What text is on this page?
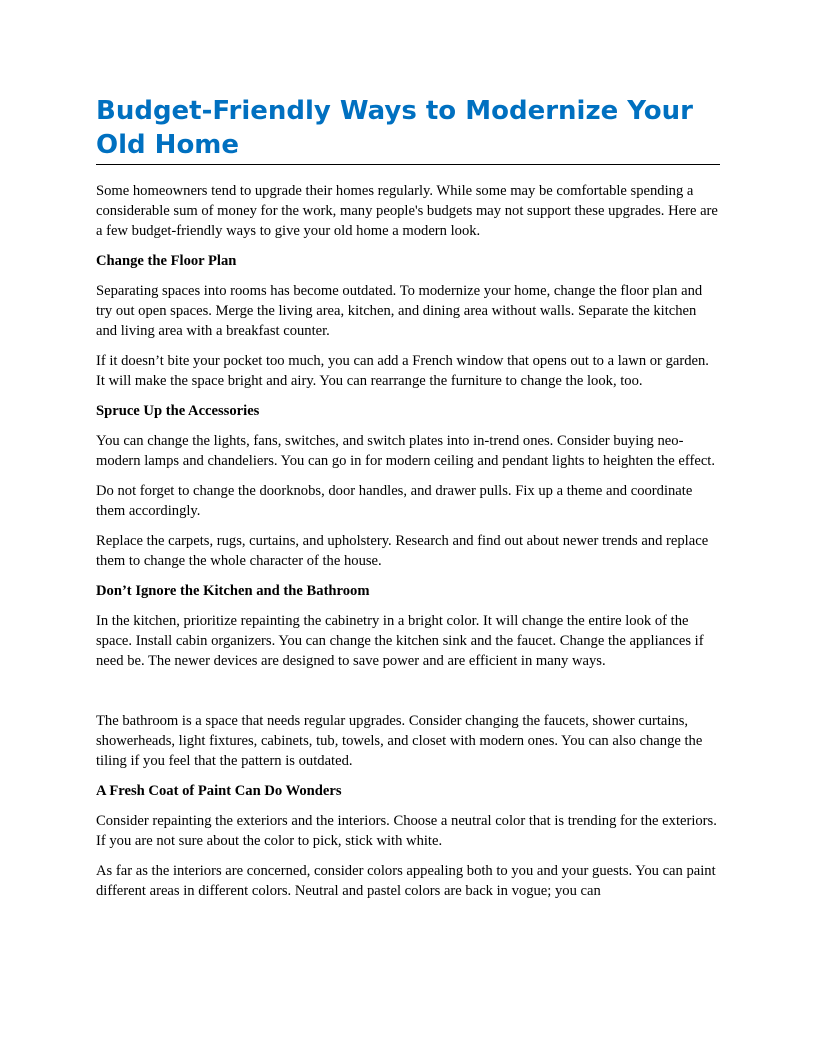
Budget-Friendly Ways to Modernize Your Old Home

Some homeowners tend to upgrade their homes regularly. While some may be comfortable spending a considerable sum of money for the work, many people's budgets may not support these upgrades. Here are a few budget-friendly ways to give your old home a modern look.

Change the Floor Plan

Separating spaces into rooms has become outdated. To modernize your home, change the floor plan and try out open spaces. Merge the living area, kitchen, and dining area without walls. Separate the kitchen and living area with a breakfast counter.

If it doesn’t bite your pocket too much, you can add a French window that opens out to a lawn or garden. It will make the space bright and airy. You can rearrange the furniture to change the look, too.

Spruce Up the Accessories

You can change the lights, fans, switches, and switch plates into in-trend ones. Consider buying neo-modern lamps and chandeliers. You can go in for modern ceiling and pendant lights to heighten the effect.

Do not forget to change the doorknobs, door handles, and drawer pulls. Fix up a theme and coordinate them accordingly.

Replace the carpets, rugs, curtains, and upholstery. Research and find out about newer trends and replace them to change the whole character of the house.

Don’t Ignore the Kitchen and the Bathroom

In the kitchen, prioritize repainting the cabinetry in a bright color. It will change the entire look of the space. Install cabin organizers. You can change the kitchen sink and the faucet. Change the appliances if need be. The newer devices are designed to save power and are efficient in many ways.

The bathroom is a space that needs regular upgrades. Consider changing the faucets, shower curtains, showerheads, light fixtures, cabinets, tub, towels, and closet with modern ones. You can also change the tiling if you feel that the pattern is outdated.

A Fresh Coat of Paint Can Do Wonders

Consider repainting the exteriors and the interiors. Choose a neutral color that is trending for the exteriors. If you are not sure about the color to pick, stick with white.

As far as the interiors are concerned, consider colors appealing both to you and your guests. You can paint different areas in different colors. Neutral and pastel colors are back in vogue; you can
